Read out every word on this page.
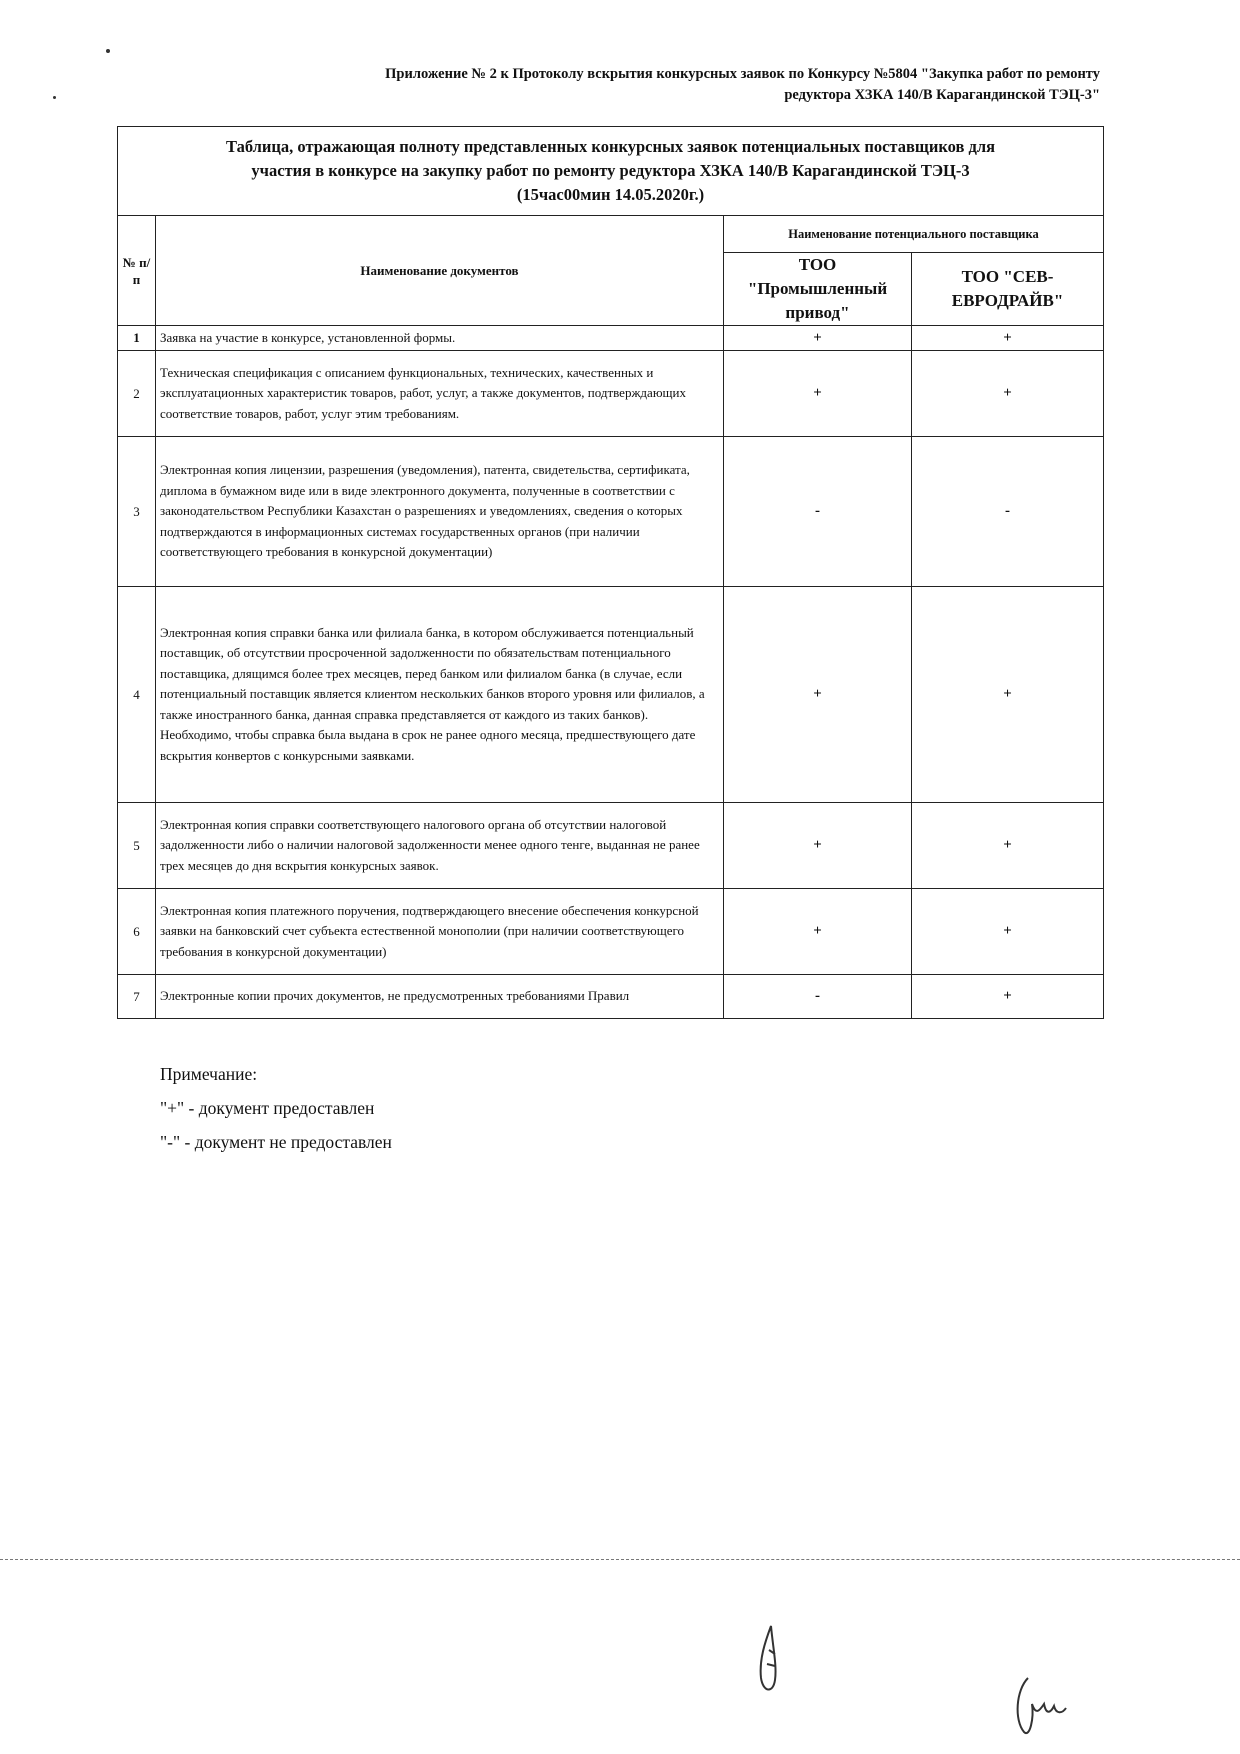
Приложение № 2 к Протоколу вскрытия конкурсных заявок по Конкурсу №5804 "Закупка работ по ремонту
редуктора ХЗКА 140/В Карагандинской ТЭЦ-3"
Таблица, отражающая полноту представленных конкурсных заявок потенциальных поставщиков для
участия в конкурсе на закупку работ по ремонту редуктора ХЗКА 140/В Карагандинской ТЭЦ-3
(15час00мин 14.05.2020г.)			

№ п/п	Наименование документов	Наименование потенциального поставщика	
		ТОО "Промышленный привод"	ТОО "СЕВ-ЕВРОДРАЙВ"
1	Заявка на участие в конкурсе, установленной формы.	+	+
2	Техническая спецификация с описанием функциональных, технических, качественных и эксплуатационных характеристик товаров, работ, услуг, а также документов, подтверждающих соответствие товаров, работ, услуг этим требованиям.	+	+
3	Электронная копия лицензии, разрешения (уведомления), патента, свидетельства, сертификата, диплома в бумажном виде или в виде электронного документа, полученные в соответствии с законодательством Республики Казахстан о разрешениях и уведомлениях, сведения о которых подтверждаются в информационных системах государственных органов (при наличии соответствующего требования в конкурсной документации)	-	-
4	Электронная копия справки банка или филиала банка, в котором обслуживается потенциальный поставщик, об отсутствии просроченной задолженности по обязательствам потенциального поставщика, длящимся более трех месяцев, перед банком или филиалом банка (в случае, если потенциальный поставщик является клиентом нескольких банков второго уровня или филиалов, а также иностранного банка, данная справка представляется от каждого из таких банков). Необходимо, чтобы справка была выдана в срок не ранее одного месяца, предшествующего дате вскрытия конвертов с конкурсными заявками.	+	+
5	Электронная копия справки соответствующего налогового органа об отсутствии налоговой задолженности либо о наличии налоговой задолженности менее одного тенге, выданная не ранее трех месяцев до дня вскрытия конкурсных заявок.	+	+
6	Электронная копия платежного поручения, подтверждающего внесение обеспечения конкурсной заявки на банковский счет субъекта естественной монополии (при наличии соответствующего требования в конкурсной документации)	+	+
7	Электронные копии прочих документов, не предусмотренных требованиями Правил	-	+
Примечание:
"+" - документ предоставлен
"-" - документ не предоставлен
